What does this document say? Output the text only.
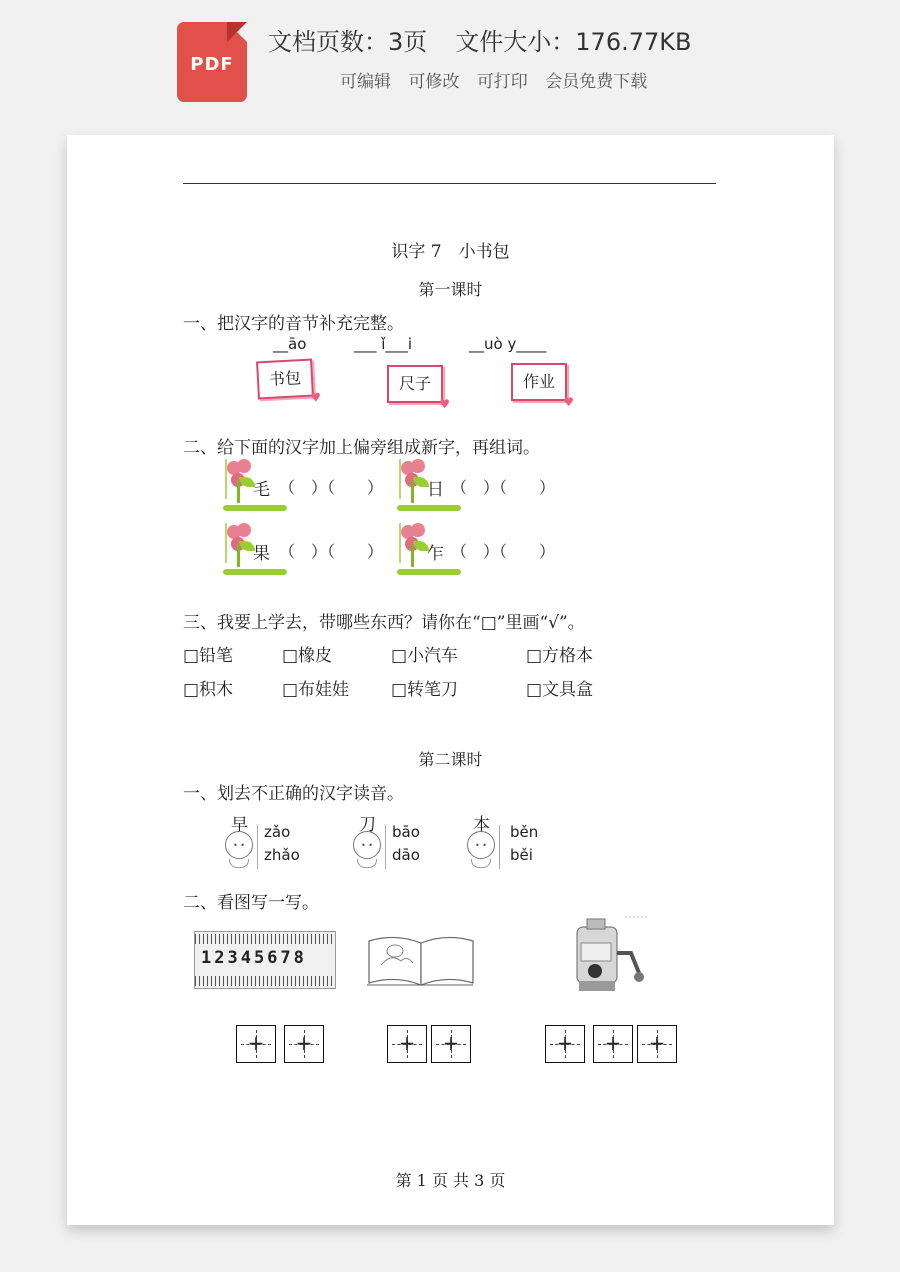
PDF
文档页数：3页 文件大小：176.77KB
可编辑 可修改 可打印 会员免费下载
识字 7　小书包
第一课时
一、把汉字的音节补充完整。
__āo	___ ǐ___i	__uò y____
书包
♥
尺子
♥
作业
♥
二、给下面的汉字加上偏旁组成新字，再组词。
毛 （　）（　　）	日 （　）（　　）
果 （　）（　　）	乍 （　）（　　）
三、我要上学去，带哪些东西？请你在“□”里画“√”。
□铅笔	□橡皮	□小汽车	□方格本
□积木	□布娃娃 □转笔刀	□文具盒
第二课时
一、划去不正确的汉字读音。
早
• •
zǎo
zhǎo
刀
• •
bāo
dāo
本
• •
běn
běi
二、看图写一写。
12345678
+ +	+ +	+ + +
第 1 页 共 3 页
